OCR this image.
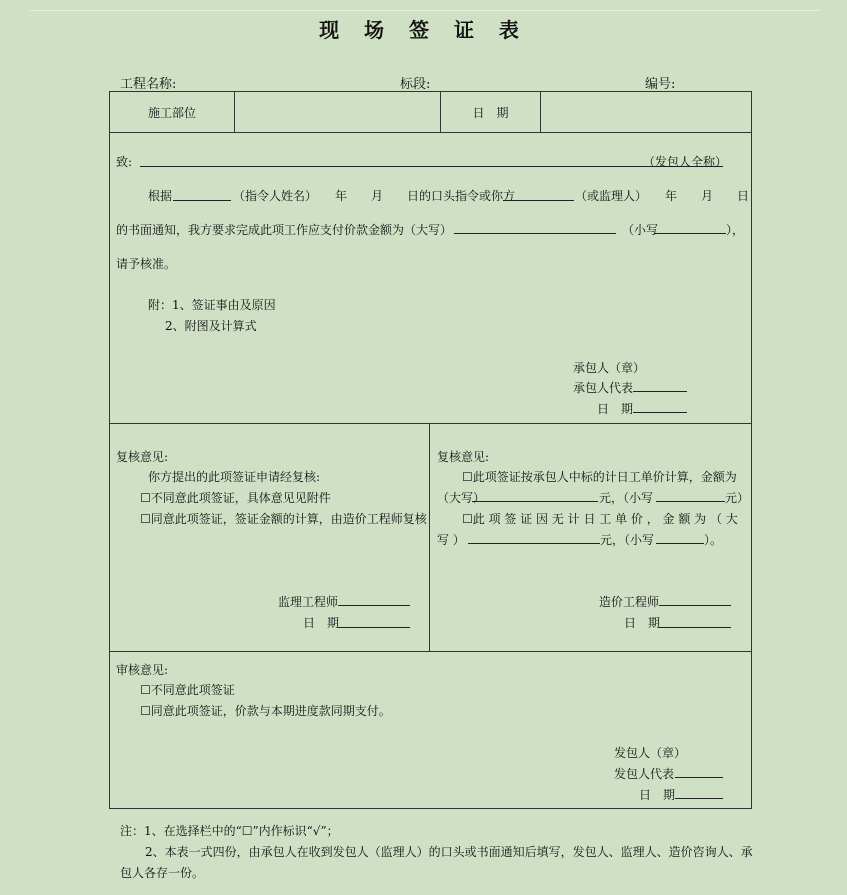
现 场 签 证 表
工程名称:	标段:	编号:
施工部位	日　期
致:	（发包人全称）
根据	（指令人姓名）　　年　　月　　日的口头指令或你方	（或监理人）　　年　　月　　日
的书面通知，我方要求完成此项工作应支付价款金额为（大写）	（小写	），
请予核准。
附：1、签证事由及原因
2、附图及计算式
承包人（章）
承包人代表
日　期
复核意见:
你方提出的此项签证申请经复核:
☐不同意此项签证，具体意见见附件
☐同意此项签证，签证金额的计算，由造价工程师复核
监理工程师
日　期
复核意见:
☐此项签证按承包人中标的计日工单价计算，金额为
（大写）	元，（小写	元）
☐此 项 签 证 因 无 计 日 工 单 价 ， 金 额 为 （ 大
写 ）	元，（小写	）。
造价工程师
日　期
审核意见:
☐不同意此项签证
☐同意此项签证，价款与本期进度款同期支付。
发包人（章）
发包人代表
日　期
注：1、在选择栏中的“☐”内作标识“√”；
2、本表一式四份，由承包人在收到发包人（监理人）的口头或书面通知后填写，发包人、监理人、造价咨询人、承
包人各存一份。
